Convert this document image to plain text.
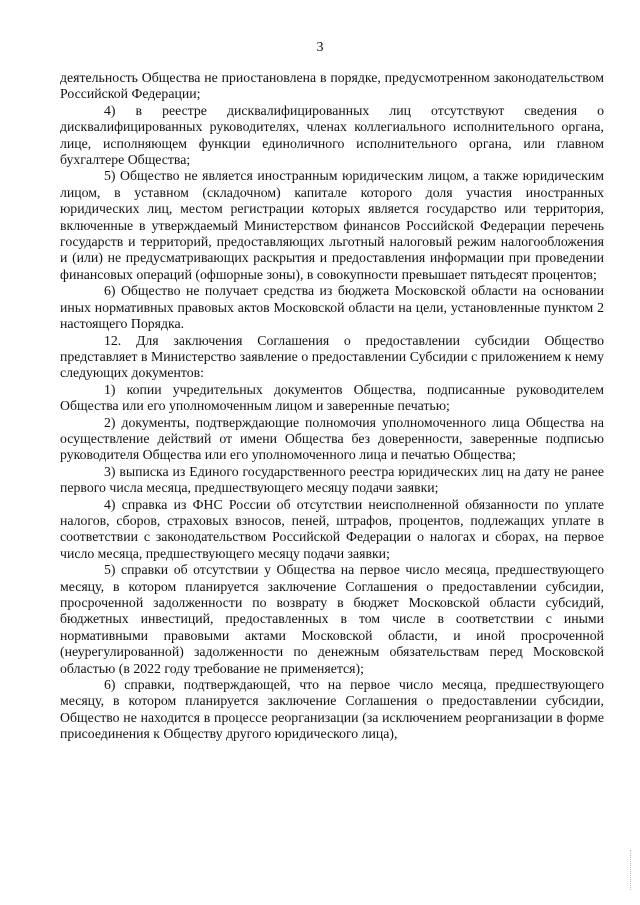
3

деятельность Общества не приостановлена в порядке, предусмотренном законодательством Российской Федерации;

4) в реестре дисквалифицированных лиц отсутствуют сведения о дисквалифицированных руководителях, членах коллегиального исполнительного органа, лице, исполняющем функции единоличного исполнительного органа, или главном бухгалтере Общества;

5) Общество не является иностранным юридическим лицом, а также юридическим лицом, в уставном (складочном) капитале которого доля участия иностранных юридических лиц, местом регистрации которых является государство или территория, включенные в утверждаемый Министерством финансов Российской Федерации перечень государств и территорий, предоставляющих льготный налоговый режим налогообложения и (или) не предусматривающих раскрытия и предоставления информации при проведении финансовых операций (офшорные зоны), в совокупности превышает пятьдесят процентов;

6) Общество не получает средства из бюджета Московской области на основании иных нормативных правовых актов Московской области на цели, установленные пунктом 2 настоящего Порядка.

12. Для заключения Соглашения о предоставлении субсидии Общество представляет в Министерство заявление о предоставлении Субсидии с приложением к нему следующих документов:

1) копии учредительных документов Общества, подписанные руководителем Общества или его уполномоченным лицом и заверенные печатью;

2) документы, подтверждающие полномочия уполномоченного лица Общества на осуществление действий от имени Общества без доверенности, заверенные подписью руководителя Общества или его уполномоченного лица и печатью Общества;

3) выписка из Единого государственного реестра юридических лиц на дату не ранее первого числа месяца, предшествующего месяцу подачи заявки;

4) справка из ФНС России об отсутствии неисполненной обязанности по уплате налогов, сборов, страховых взносов, пеней, штрафов, процентов, подлежащих уплате в соответствии с законодательством Российской Федерации о налогах и сборах, на первое число месяца, предшествующего месяцу подачи заявки;

5) справки об отсутствии у Общества на первое число месяца, предшествующего месяцу, в котором планируется заключение Соглашения о предоставлении субсидии, просроченной задолженности по возврату в бюджет Московской области субсидий, бюджетных инвестиций, предоставленных в том числе в соответствии с иными нормативными правовыми актами Московской области, и иной просроченной (неурегулированной) задолженности по денежным обязательствам перед Московской областью (в 2022 году требование не применяется);

6) справки, подтверждающей, что на первое число месяца, предшествующего месяцу, в котором планируется заключение Соглашения о предоставлении субсидии, Общество не находится в процессе реорганизации (за исключением реорганизации в форме присоединения к Обществу другого юридического лица),
